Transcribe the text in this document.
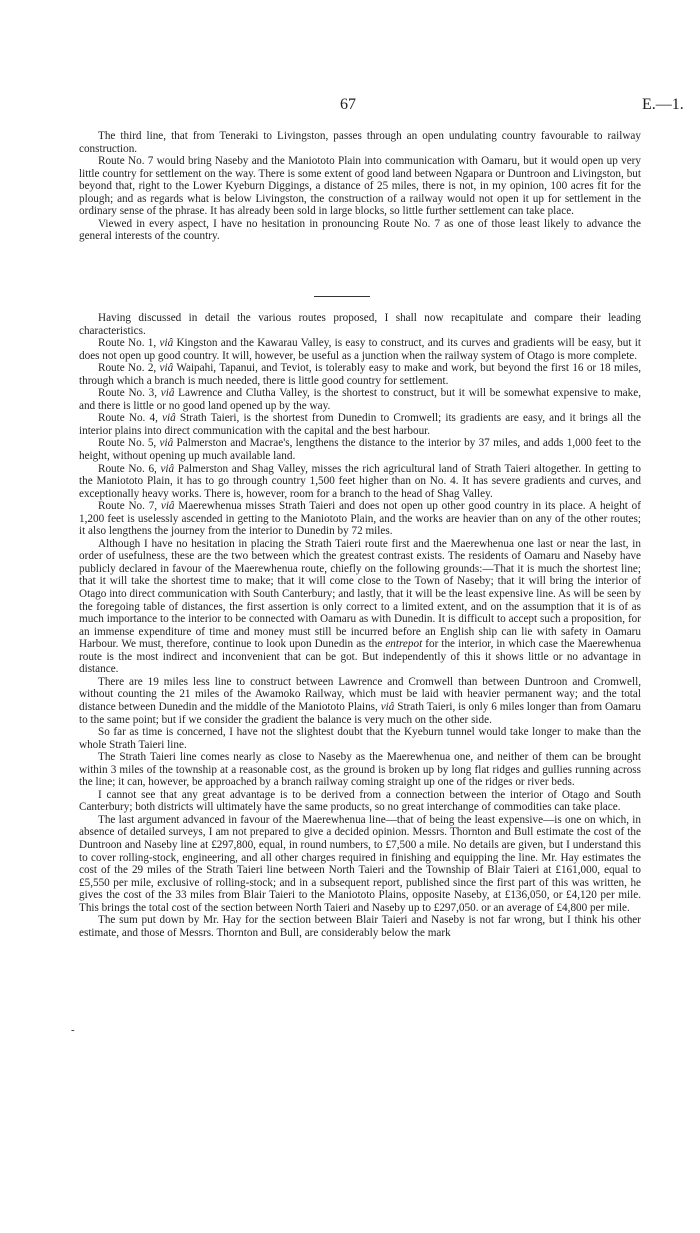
67	E.—1.

The third line, that from Teneraki to Livingston, passes through an open undulating country favourable to railway construction.

Route No. 7 would bring Naseby and the Maniototo Plain into communication with Oamaru, but it would open up very little country for settlement on the way. There is some extent of good land between Ngapara or Duntroon and Livingston, but beyond that, right to the Lower Kyeburn Diggings, a distance of 25 miles, there is not, in my opinion, 100 acres fit for the plough; and as regards what is below Livingston, the construction of a railway would not open it up for settlement in the ordinary sense of the phrase. It has already been sold in large blocks, so little further settlement can take place.

Viewed in every aspect, I have no hesitation in pronouncing Route No. 7 as one of those least likely to advance the general interests of the country.

Having discussed in detail the various routes proposed, I shall now recapitulate and compare their leading characteristics.

Route No. 1, viâ Kingston and the Kawarau Valley, is easy to construct, and its curves and gradients will be easy, but it does not open up good country. It will, however, be useful as a junction when the railway system of Otago is more complete.

Route No. 2, viâ Waipahi, Tapanui, and Teviot, is tolerably easy to make and work, but beyond the first 16 or 18 miles, through which a branch is much needed, there is little good country for settlement.

Route No. 3, viâ Lawrence and Clutha Valley, is the shortest to construct, but it will be somewhat expensive to make, and there is little or no good land opened up by the way.

Route No. 4, viâ Strath Taieri, is the shortest from Dunedin to Cromwell; its gradients are easy, and it brings all the interior plains into direct communication with the capital and the best harbour.

Route No. 5, viâ Palmerston and Macrae's, lengthens the distance to the interior by 37 miles, and adds 1,000 feet to the height, without opening up much available land.

Route No. 6, viâ Palmerston and Shag Valley, misses the rich agricultural land of Strath Taieri altogether. In getting to the Maniototo Plain, it has to go through country 1,500 feet higher than on No. 4. It has severe gradients and curves, and exceptionally heavy works. There is, however, room for a branch to the head of Shag Valley.

Route No. 7, viâ Maerewhenua misses Strath Taieri and does not open up other good country in its place. A height of 1,200 feet is uselessly ascended in getting to the Maniototo Plain, and the works are heavier than on any of the other routes; it also lengthens the journey from the interior to Dunedin by 72 miles.

Although I have no hesitation in placing the Strath Taieri route first and the Maerewhenua one last or near the last, in order of usefulness, these are the two between which the greatest contrast exists. The residents of Oamaru and Naseby have publicly declared in favour of the Maerewhenua route, chiefly on the following grounds:—That it is much the shortest line; that it will take the shortest time to make; that it will come close to the Town of Naseby; that it will bring the interior of Otago into direct communication with South Canterbury; and lastly, that it will be the least expensive line. As will be seen by the foregoing table of distances, the first assertion is only correct to a limited extent, and on the assumption that it is of as much importance to the interior to be connected with Oamaru as with Dunedin. It is difficult to accept such a proposition, for an immense expenditure of time and money must still be incurred before an English ship can lie with safety in Oamaru Harbour. We must, therefore, continue to look upon Dunedin as the entrepot for the interior, in which case the Maerewhenua route is the most indirect and inconvenient that can be got. But independently of this it shows little or no advantage in distance.

There are 19 miles less line to construct between Lawrence and Cromwell than between Duntroon and Cromwell, without counting the 21 miles of the Awamoko Railway, which must be laid with heavier permanent way; and the total distance between Dunedin and the middle of the Maniototo Plains, viâ Strath Taieri, is only 6 miles longer than from Oamaru to the same point; but if we consider the gradient the balance is very much on the other side.

So far as time is concerned, I have not the slightest doubt that the Kyeburn tunnel would take longer to make than the whole Strath Taieri line.

The Strath Taieri line comes nearly as close to Naseby as the Maerewhenua one, and neither of them can be brought within 3 miles of the township at a reasonable cost, as the ground is broken up by long flat ridges and gullies running across the line; it can, however, be approached by a branch railway coming straight up one of the ridges or river beds.

I cannot see that any great advantage is to be derived from a connection between the interior of Otago and South Canterbury; both districts will ultimately have the same products, so no great interchange of commodities can take place.

The last argument advanced in favour of the Maerewhenua line—that of being the least expensive—is one on which, in absence of detailed surveys, I am not prepared to give a decided opinion. Messrs. Thornton and Bull estimate the cost of the Duntroon and Naseby line at £297,800, equal, in round numbers, to £7,500 a mile. No details are given, but I understand this to cover rolling-stock, engineering, and all other charges required in finishing and equipping the line. Mr. Hay estimates the cost of the 29 miles of the Strath Taieri line between North Taieri and the Township of Blair Taieri at £161,000, equal to £5,550 per mile, exclusive of rolling-stock; and in a subsequent report, published since the first part of this was written, he gives the cost of the 33 miles from Blair Taieri to the Maniototo Plains, opposite Naseby, at £136,050, or £4,120 per mile. This brings the total cost of the section between North Taieri and Naseby up to £297,050. or an average of £4,800 per mile.

The sum put down by Mr. Hay for the section between Blair Taieri and Naseby is not far wrong, but I think his other estimate, and those of Messrs. Thornton and Bull, are considerably below the mark

-
